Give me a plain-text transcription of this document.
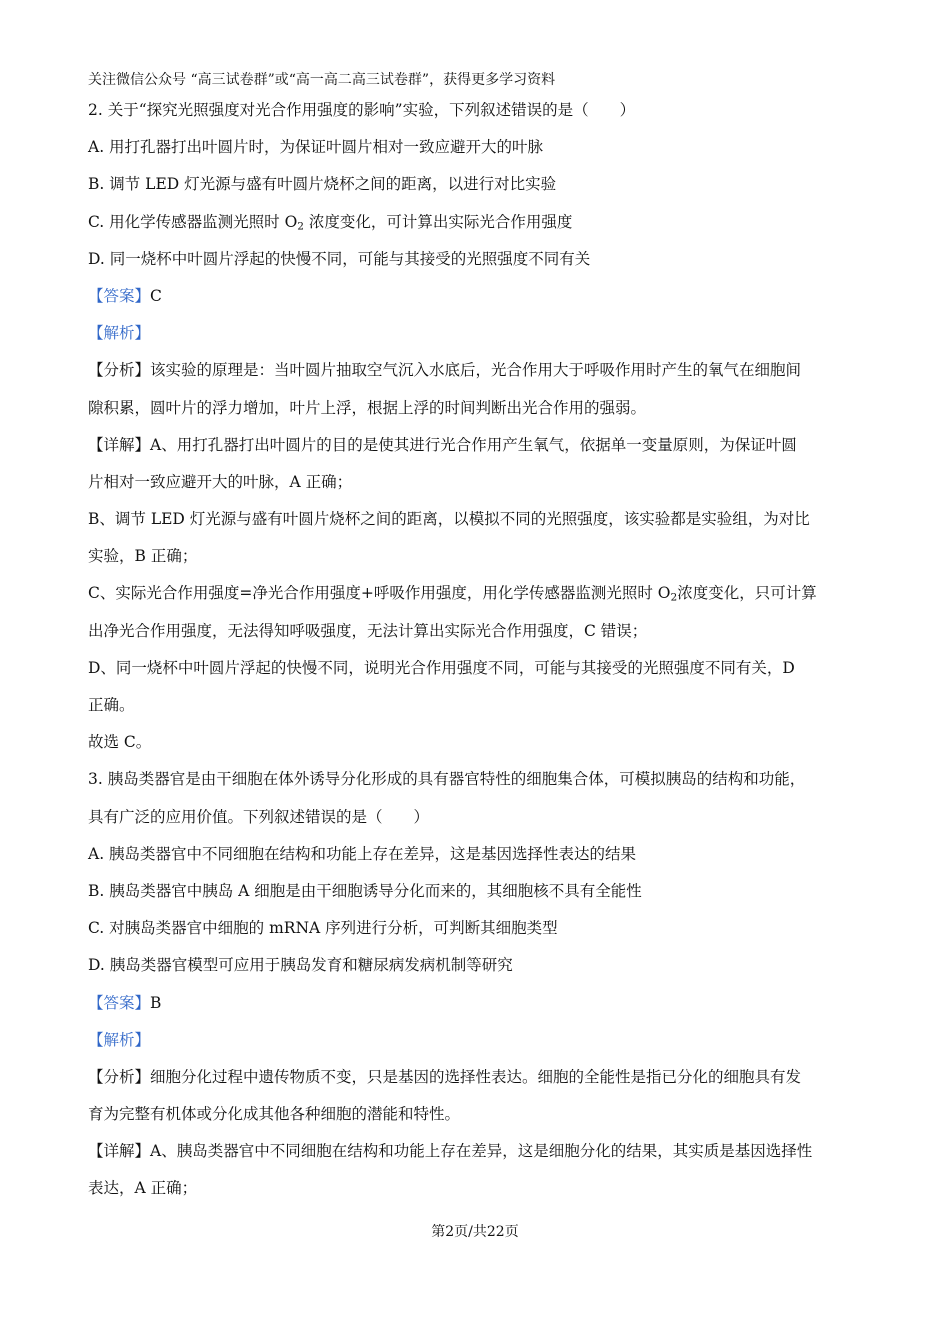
关注微信公众号 “高三试卷群”或“高一高二高三试卷群”，获得更多学习资料
2. 关于“探究光照强度对光合作用强度的影响”实验，下列叙述错误的是（　　）
A. 用打孔器打出叶圆片时，为保证叶圆片相对一致应避开大的叶脉
B. 调节 LED 灯光源与盛有叶圆片烧杯之间的距离，以进行对比实验
C. 用化学传感器监测光照时 $O_2$ 浓度变化，可计算出实际光合作用强度
D. 同一烧杯中叶圆片浮起的快慢不同，可能与其接受的光照强度不同有关
【答案】C
【解析】
【分析】该实验的原理是：当叶圆片抽取空气沉入水底后，光合作用大于呼吸作用时产生的氧气在细胞间
隙积累，圆叶片的浮力增加，叶片上浮，根据上浮的时间判断出光合作用的强弱。
【详解】A、用打孔器打出叶圆片的目的是使其进行光合作用产生氧气，依据单一变量原则，为保证叶圆
片相对一致应避开大的叶脉，A 正确；
B、调节 LED 灯光源与盛有叶圆片烧杯之间的距离，以模拟不同的光照强度，该实验都是实验组，为对比
实验，B 正确；
C、实际光合作用强度=净光合作用强度+呼吸作用强度，用化学传感器监测光照时 $O_2$浓度变化，只可计算
出净光合作用强度，无法得知呼吸强度，无法计算出实际光合作用强度，C 错误；
D、同一烧杯中叶圆片浮起的快慢不同，说明光合作用强度不同，可能与其接受的光照强度不同有关，D
正确。
故选 C。
3. 胰岛类器官是由干细胞在体外诱导分化形成的具有器官特性的细胞集合体，可模拟胰岛的结构和功能，
具有广泛的应用价值。下列叙述错误的是（　　）
A. 胰岛类器官中不同细胞在结构和功能上存在差异，这是基因选择性表达的结果
B. 胰岛类器官中胰岛 A 细胞是由干细胞诱导分化而来的，其细胞核不具有全能性
C. 对胰岛类器官中细胞的 mRNA 序列进行分析，可判断其细胞类型
D. 胰岛类器官模型可应用于胰岛发育和糖尿病发病机制等研究
【答案】B
【解析】
【分析】细胞分化过程中遗传物质不变，只是基因的选择性表达。细胞的全能性是指已分化的细胞具有发
育为完整有机体或分化成其他各种细胞的潜能和特性。
【详解】A、胰岛类器官中不同细胞在结构和功能上存在差异，这是细胞分化的结果，其实质是基因选择性
表达，A 正确；
第2页/共22页
